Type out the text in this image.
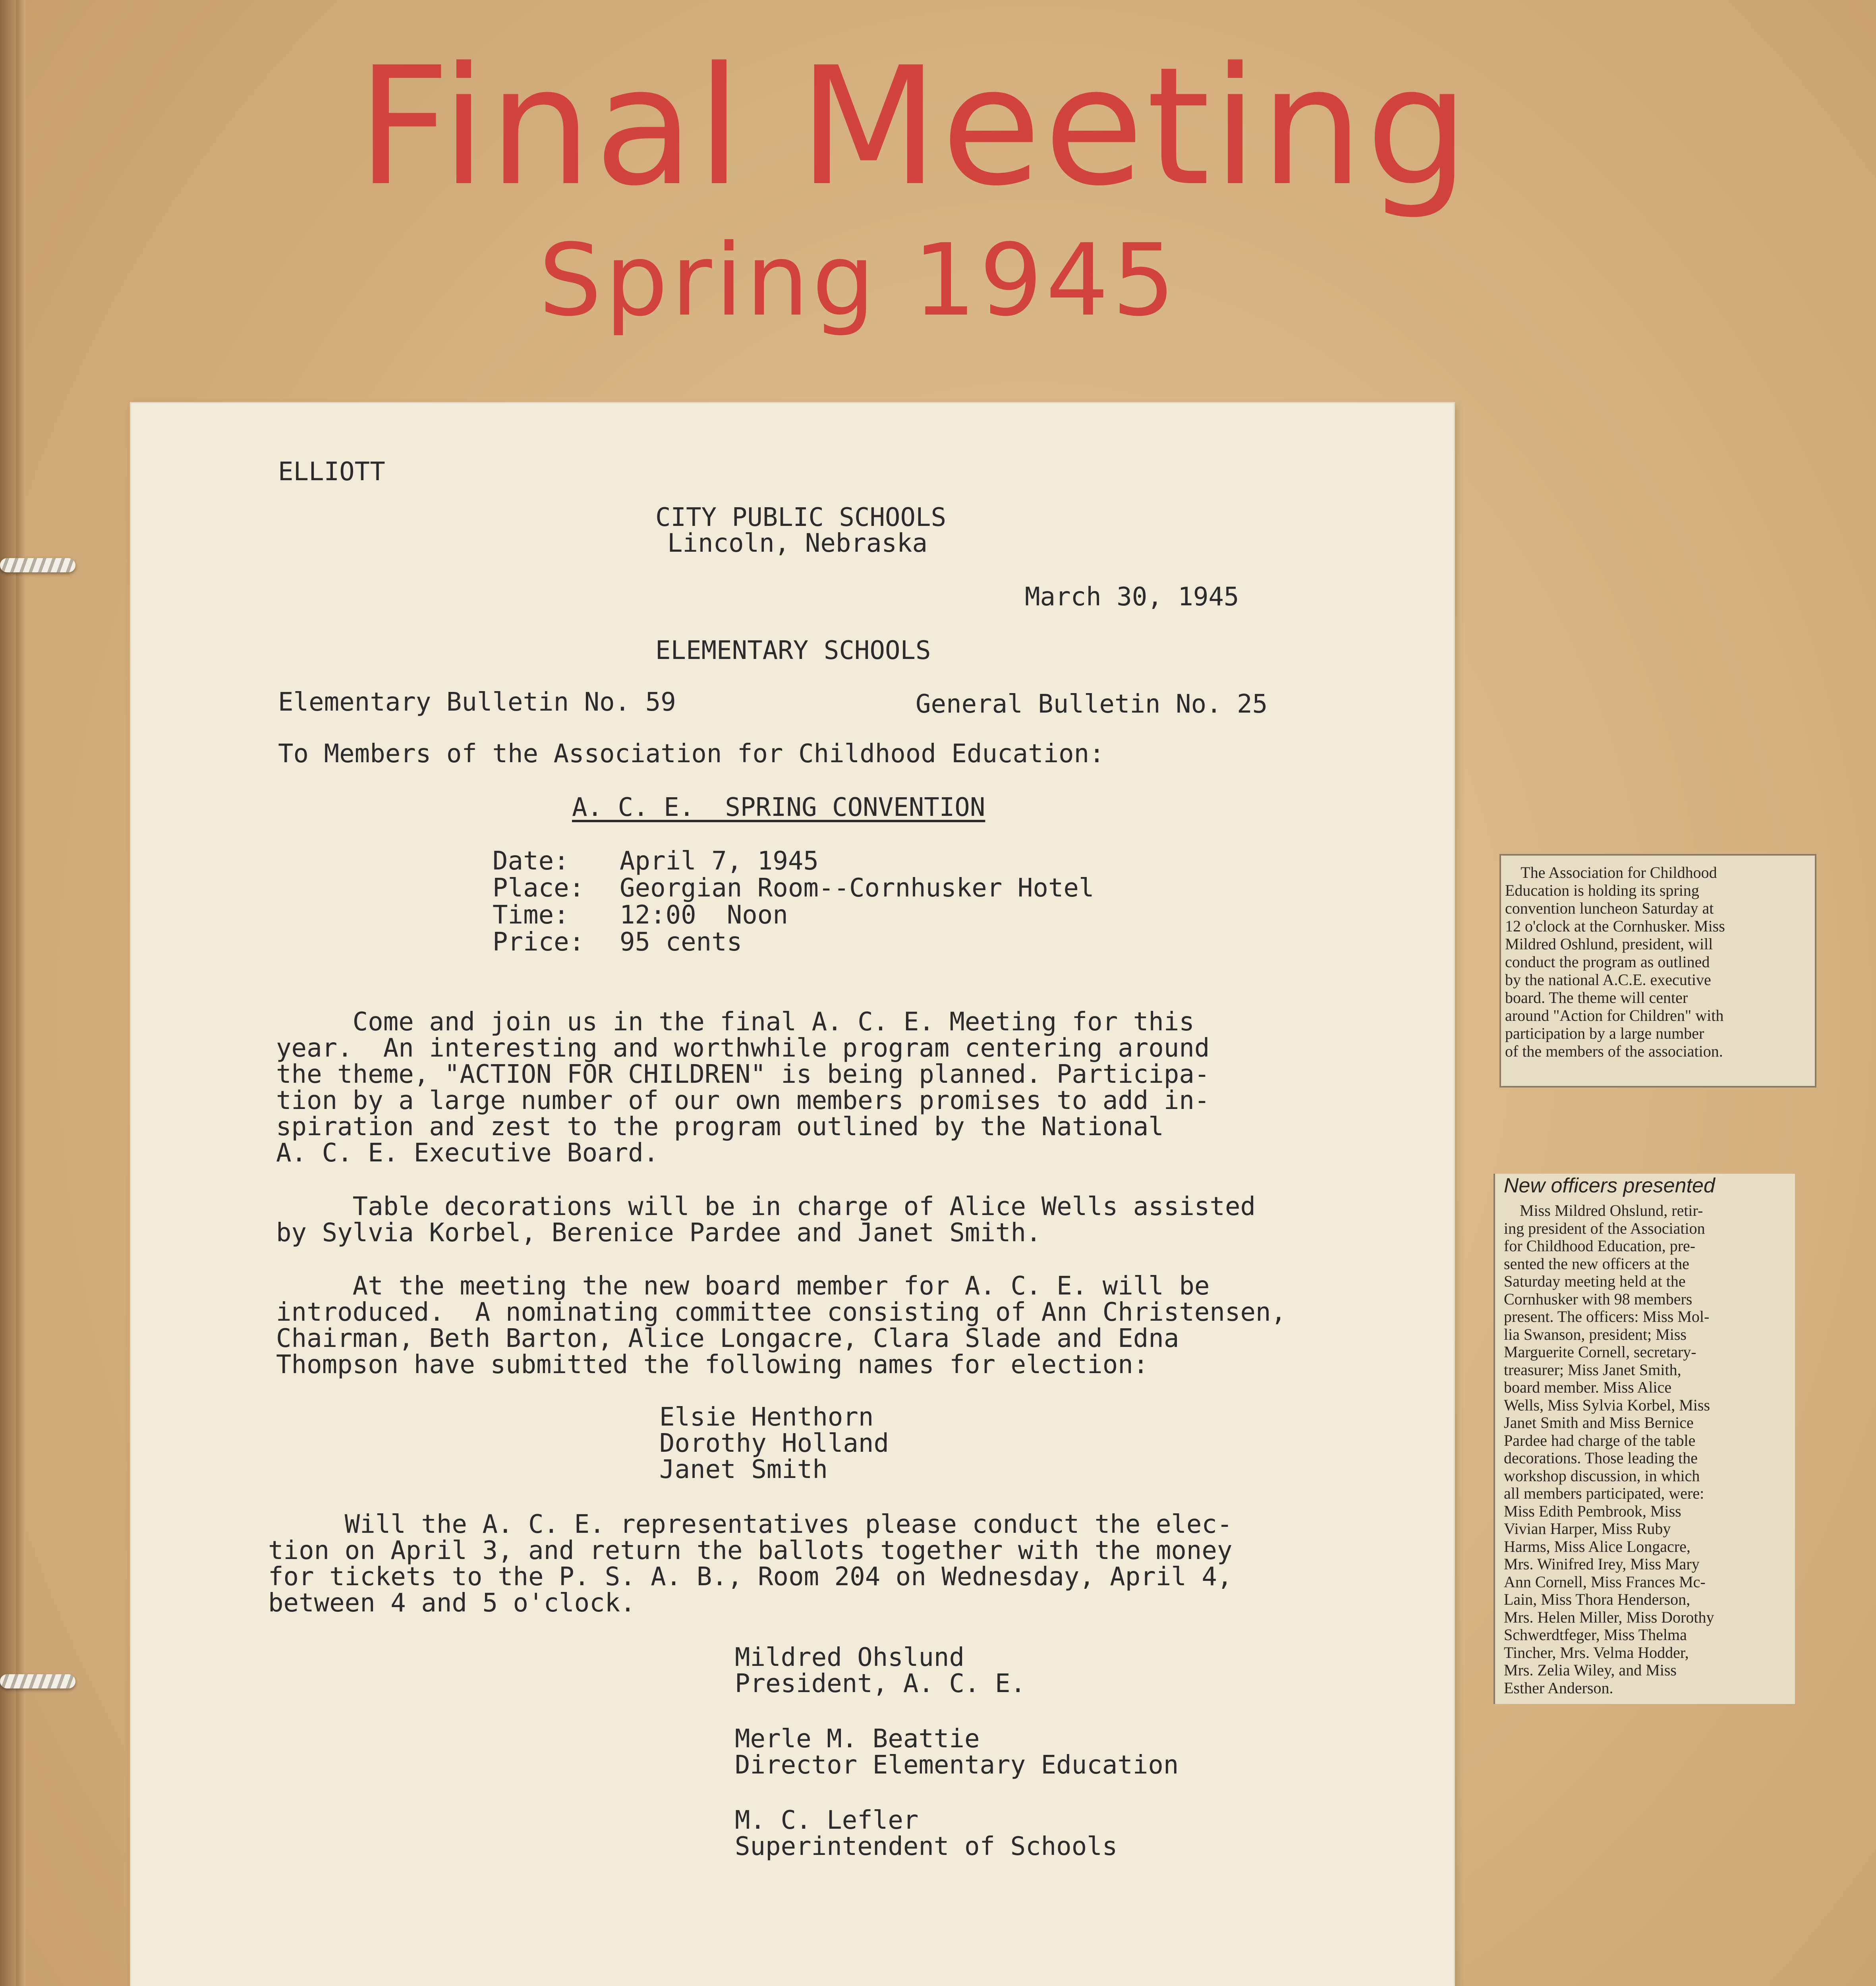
Final Meeting
Spring 1945
ELLIOTT
CITY PUBLIC SCHOOLS
Lincoln, Nebraska
March 30, 1945
ELEMENTARY SCHOOLS
Elementary Bulletin No. 59	General Bulletin No. 25
To Members of the Association for Childhood Education:
A. C. E.  SPRING CONVENTION
Date: April 7, 1945
Place: Georgian Room--Cornhusker Hotel
Time: 12:00  Noon
Price: 95 cents
Come and join us in the final A. C. E. Meeting for this
year.  An interesting and worthwhile program centering around
the theme, "ACTION FOR CHILDREN" is being planned. Participa-
tion by a large number of our own members promises to add in-
spiration and zest to the program outlined by the National
A. C. E. Executive Board.
Table decorations will be in charge of Alice Wells assisted
by Sylvia Korbel, Berenice Pardee and Janet Smith.
At the meeting the new board member for A. C. E. will be
introduced.  A nominating committee consisting of Ann Christensen,
Chairman, Beth Barton, Alice Longacre, Clara Slade and Edna
Thompson have submitted the following names for election:
Elsie Henthorn
Dorothy Holland
Janet Smith
Will the A. C. E. representatives please conduct the elec-
tion on April 3, and return the ballots together with the money
for tickets to the P. S. A. B., Room 204 on Wednesday, April 4,
between 4 and 5 o'clock.
Mildred Ohslund
President, A. C. E.
Merle M. Beattie
Director Elementary Education
M. C. Lefler
Superintendent of Schools
The Association for Childhood
Education is holding its spring
convention luncheon Saturday at
12 o'clock at the Cornhusker. Miss
Mildred Oshlund, president, will
conduct the program as outlined
by the national A.C.E. executive
board. The theme will center
around "Action for Children" with
participation by a large number
of the members of the association.
New officers presented
Miss Mildred Ohslund, retir-
ing president of the Association
for Childhood Education, pre-
sented the new officers at the
Saturday meeting held at the
Cornhusker with 98 members
present. The officers: Miss Mol-
lia Swanson, president; Miss
Marguerite Cornell, secretary-
treasurer; Miss Janet Smith,
board member. Miss Alice
Wells, Miss Sylvia Korbel, Miss
Janet Smith and Miss Bernice
Pardee had charge of the table
decorations. Those leading the
workshop discussion, in which
all members participated, were:
Miss Edith Pembrook, Miss
Vivian Harper, Miss Ruby
Harms, Miss Alice Longacre,
Mrs. Winifred Irey, Miss Mary
Ann Cornell, Miss Frances Mc-
Lain, Miss Thora Henderson,
Mrs. Helen Miller, Miss Dorothy
Schwerdtfeger, Miss Thelma
Tincher, Mrs. Velma Hodder,
Mrs. Zelia Wiley, and Miss
Esther Anderson.
